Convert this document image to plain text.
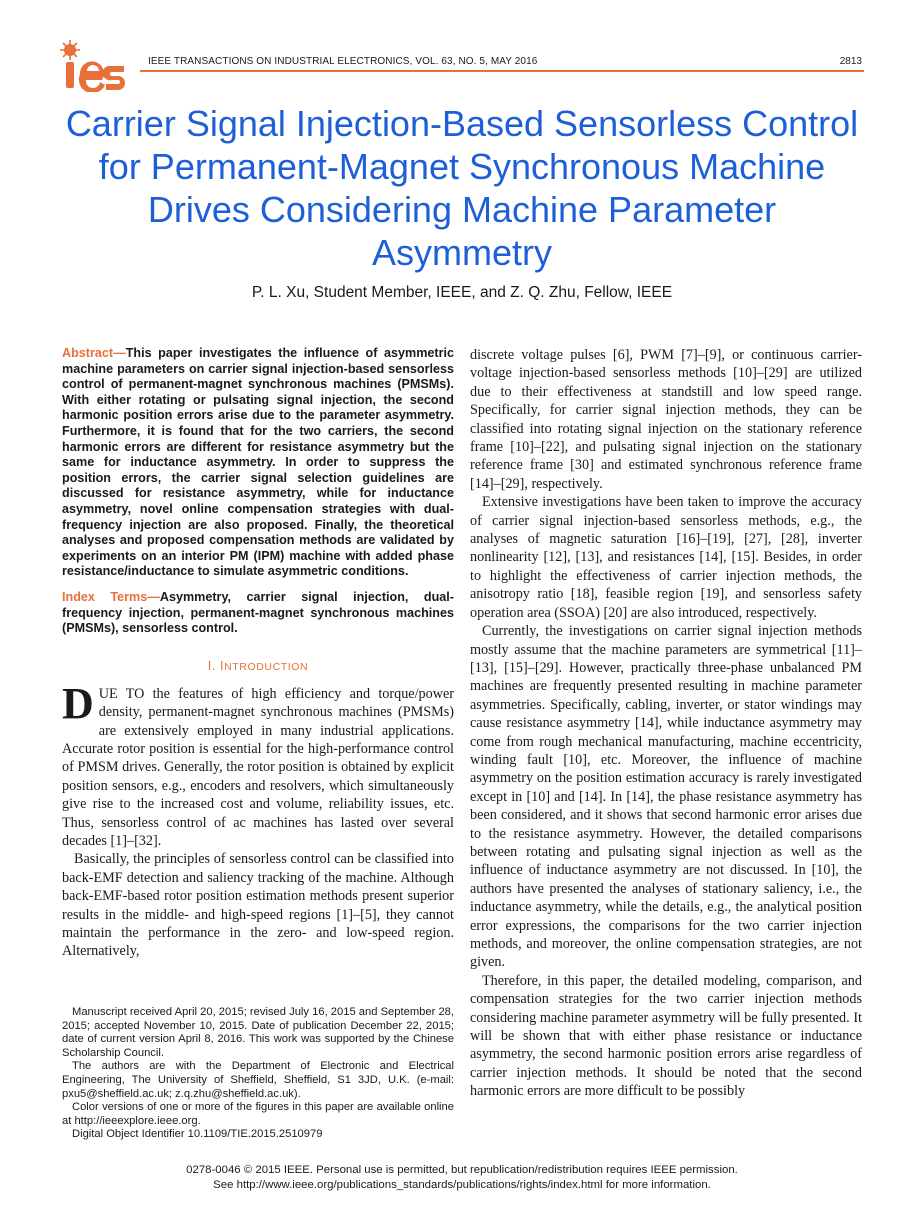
IEEE TRANSACTIONS ON INDUSTRIAL ELECTRONICS, VOL. 63, NO. 5, MAY 2016	2813
Carrier Signal Injection-Based Sensorless Control for Permanent-Magnet Synchronous Machine Drives Considering Machine Parameter Asymmetry
P. L. Xu, Student Member, IEEE, and Z. Q. Zhu, Fellow, IEEE
Abstract—This paper investigates the influence of asymmetric machine parameters on carrier signal injection-based sensorless control of permanent-magnet synchronous machines (PMSMs). With either rotating or pulsating signal injection, the second harmonic position errors arise due to the parameter asymmetry. Furthermore, it is found that for the two carriers, the second harmonic errors are different for resistance asymmetry but the same for inductance asymmetry. In order to suppress the position errors, the carrier signal selection guidelines are discussed for resistance asymmetry, while for inductance asymmetry, novel online compensation strategies with dual-frequency injection are also proposed. Finally, the theoretical analyses and proposed compensation methods are validated by experiments on an interior PM (IPM) machine with added phase resistance/inductance to simulate asymmetric conditions.
Index Terms—Asymmetry, carrier signal injection, dual-frequency injection, permanent-magnet synchronous machines (PMSMs), sensorless control.
I. INTRODUCTION

DUE TO the features of high efficiency and torque/power density, permanent-magnet synchronous machines (PMSMs) are extensively employed in many industrial applications. Accurate rotor position is essential for the high-performance control of PMSM drives. Generally, the rotor position is obtained by explicit position sensors, e.g., encoders and resolvers, which simultaneously give rise to the increased cost and volume, reliability issues, etc. Thus, sensorless control of ac machines has lasted over several decades [1]–[32].

Basically, the principles of sensorless control can be classified into back-EMF detection and saliency tracking of the machine. Although back-EMF-based rotor position estimation methods present superior results in the middle- and high-speed regions [1]–[5], they cannot maintain the performance in the zero- and low-speed region. Alternatively,

Manuscript received April 20, 2015; revised July 16, 2015 and September 28, 2015; accepted November 10, 2015. Date of publication December 22, 2015; date of current version April 8, 2016. This work was supported by the Chinese Scholarship Council.

The authors are with the Department of Electronic and Electrical Engineering, The University of Sheffield, Sheffield, S1 3JD, U.K. (e-mail: pxu5@sheffield.ac.uk; z.q.zhu@sheffield.ac.uk).

Color versions of one or more of the figures in this paper are available online at http://ieeexplore.ieee.org.

Digital Object Identifier 10.1109/TIE.2015.2510979

discrete voltage pulses [6], PWM [7]–[9], or continuous carrier-voltage injection-based sensorless methods [10]–[29] are utilized due to their effectiveness at standstill and low speed range. Specifically, for carrier signal injection methods, they can be classified into rotating signal injection on the stationary reference frame [10]–[22], and pulsating signal injection on the stationary reference frame [30] and estimated synchronous reference frame [14]–[29], respectively.

Extensive investigations have been taken to improve the accuracy of carrier signal injection-based sensorless methods, e.g., the analyses of magnetic saturation [16]–[19], [27], [28], inverter nonlinearity [12], [13], and resistances [14], [15]. Besides, in order to highlight the effectiveness of carrier injection methods, the anisotropy ratio [18], feasible region [19], and sensorless safety operation area (SSOA) [20] are also introduced, respectively.

Currently, the investigations on carrier signal injection methods mostly assume that the machine parameters are symmetrical [11]–[13], [15]–[29]. However, practically three-phase unbalanced PM machines are frequently presented resulting in machine parameter asymmetries. Specifically, cabling, inverter, or stator windings may cause resistance asymmetry [14], while inductance asymmetry may come from rough mechanical manufacturing, machine eccentricity, winding fault [10], etc. Moreover, the influence of machine asymmetry on the position estimation accuracy is rarely investigated except in [10] and [14]. In [14], the phase resistance asymmetry has been considered, and it shows that second harmonic error arises due to the resistance asymmetry. However, the detailed comparisons between rotating and pulsating signal injection as well as the influence of inductance asymmetry are not discussed. In [10], the authors have presented the analyses of stationary saliency, i.e., the inductance asymmetry, while the details, e.g., the analytical position error expressions, the comparisons for the two carrier injection methods, and moreover, the online compensation strategies, are not given.

Therefore, in this paper, the detailed modeling, comparison, and compensation strategies for the two carrier injection methods considering machine parameter asymmetry will be fully presented. It will be shown that with either phase resistance or inductance asymmetry, the second harmonic position errors arise regardless of carrier injection methods. It should be noted that the second harmonic errors are more difficult to be possibly

0278-0046 © 2015 IEEE. Personal use is permitted, but republication/redistribution requires IEEE permission.
See http://www.ieee.org/publications_standards/publications/rights/index.html for more information.
